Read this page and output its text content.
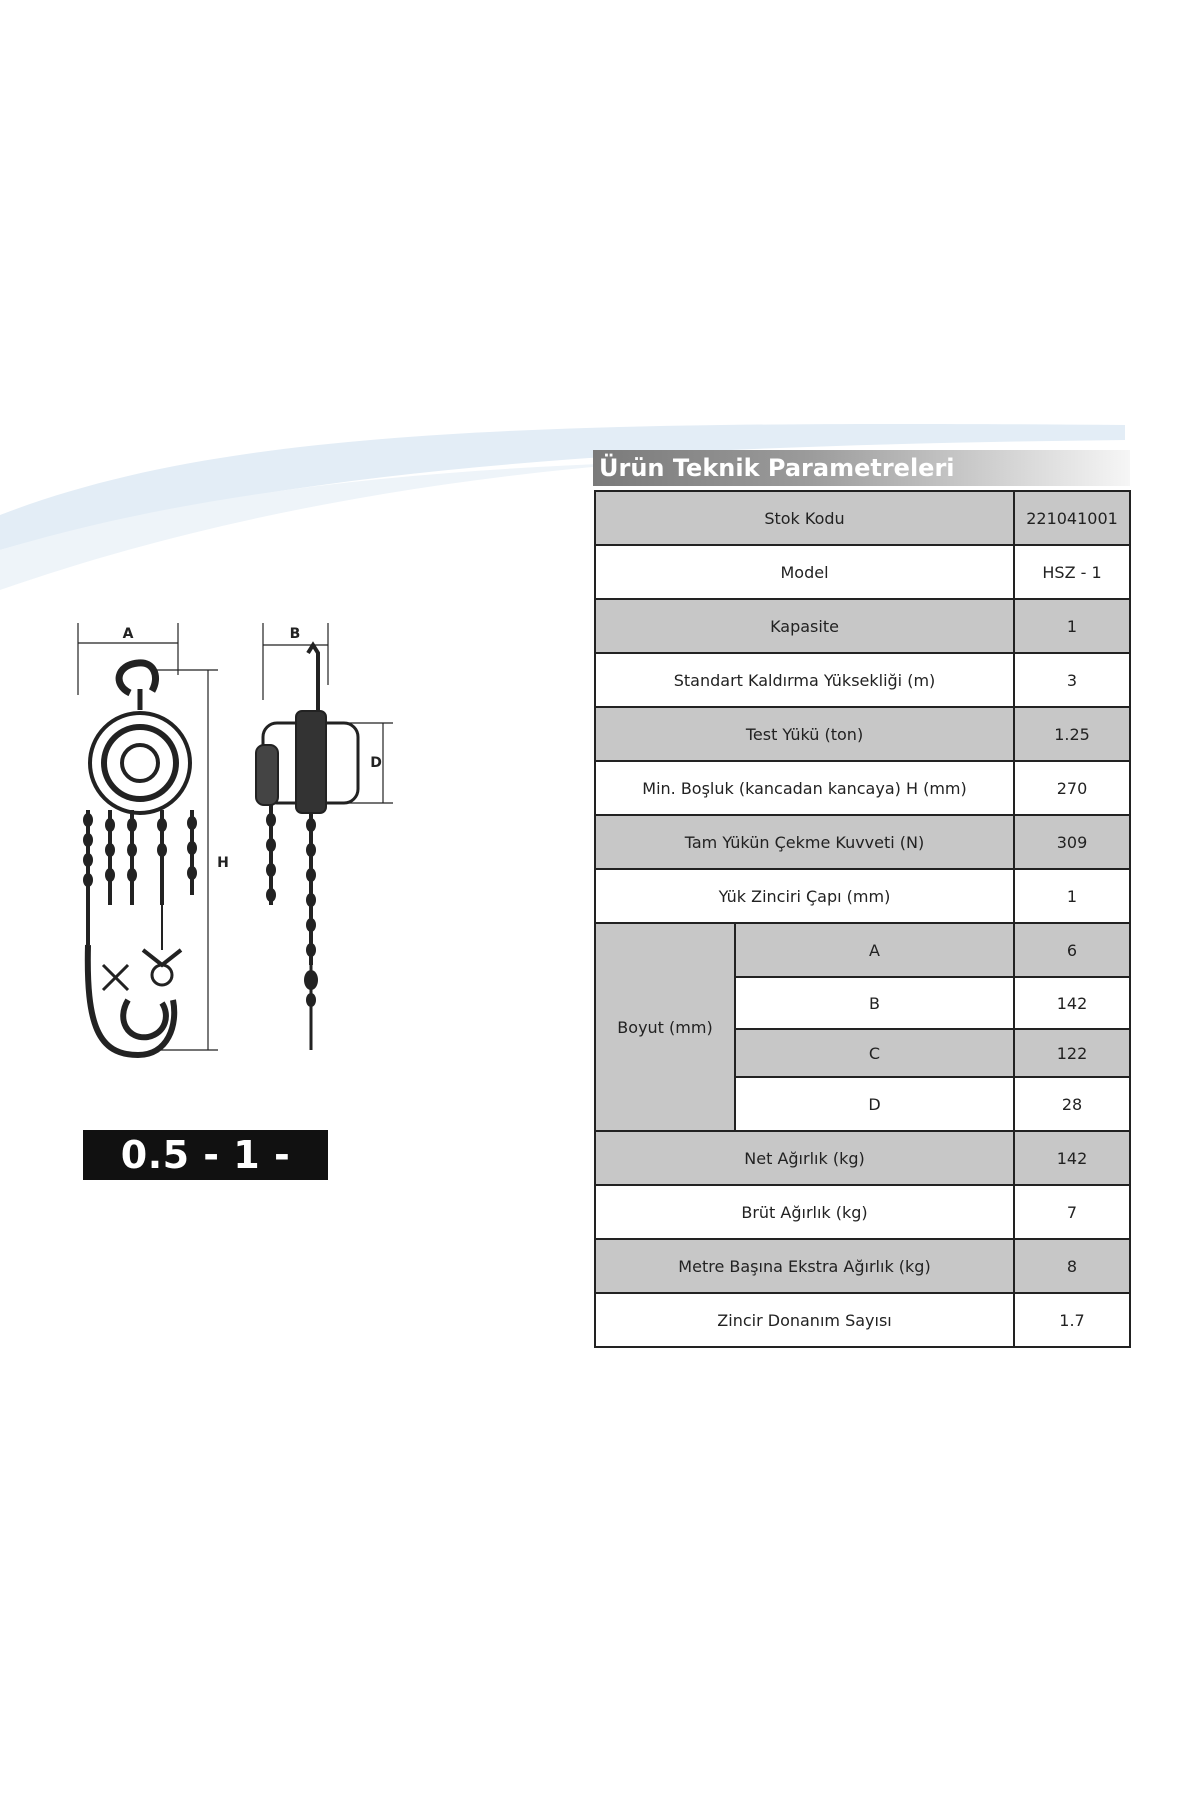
A	B
H
D
0.5 - 1 - 1.5
Ürün Teknik Parametreleri
Stok Kodu		221041001
Model		HSZ - 1
Kapasite		1
Standart Kaldırma Yüksekliği (m)		3
Test Yükü (ton)		1.25
Min. Boşluk (kancadan kancaya) H (mm)		270
Tam Yükün Çekme Kuvveti (N)		309
Yük Zinciri Çapı (mm)		1
Boyut (mm)	A	6
	B	142
	C	122
	D	28
Net Ağırlık (kg)		142
Brüt Ağırlık (kg)		7
Metre Başına Ekstra Ağırlık (kg)		8
Zincir Donanım Sayısı		1.7
